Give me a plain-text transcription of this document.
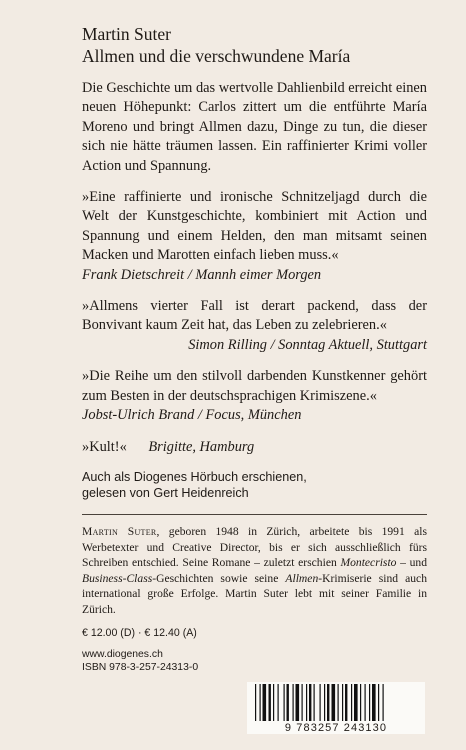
Martin Suter

Allmen und die verschwundene María

Die Geschichte um das wertvolle Dahlienbild erreicht einen neuen Höhepunkt: Carlos zittert um die entführte María Moreno und bringt Allmen dazu, Dinge zu tun, die dieser sich nie hätte träumen lassen. Ein raffinierter Krimi voller Action und Spannung.

»Eine raffinierte und ironische Schnitzeljagd durch die Welt der Kunstgeschichte, kombiniert mit Action und Spannung und einem Helden, den man mitsamt seinen Macken und Marotten einfach lieben muss.«

Frank Dietschreit / Mannh eimer Morgen

»Allmens vierter Fall ist derart packend, dass der Bonvivant kaum Zeit hat, das Leben zu zelebrieren.«
Simon Rilling / Sonntag Aktuell, Stuttgart

»Die Reihe um den stilvoll darbenden Kunstkenner gehört zum Besten in der deutschsprachigen Krimiszene.«

Jobst-Ulrich Brand / Focus, München

»Kult!« Brigitte, Hamburg

Auch als Diogenes Hörbuch erschienen,
gelesen von Gert Heidenreich

Martin Suter, geboren 1948 in Zürich, arbeitete bis 1991 als Werbetexter und Creative Director, bis er sich ausschließlich fürs Schreiben entschied. Seine Romane – zuletzt erschien Montecristo – und Business-Class-Geschichten sowie seine Allmen-Krimiserie sind auch international große Erfolge. Martin Suter lebt mit seiner Familie in Zürich.

€ 12.00 (D) · € 12.40 (A)
www.diogenes.ch
ISBN 978-3-257-24313-0
9 783257 243130
